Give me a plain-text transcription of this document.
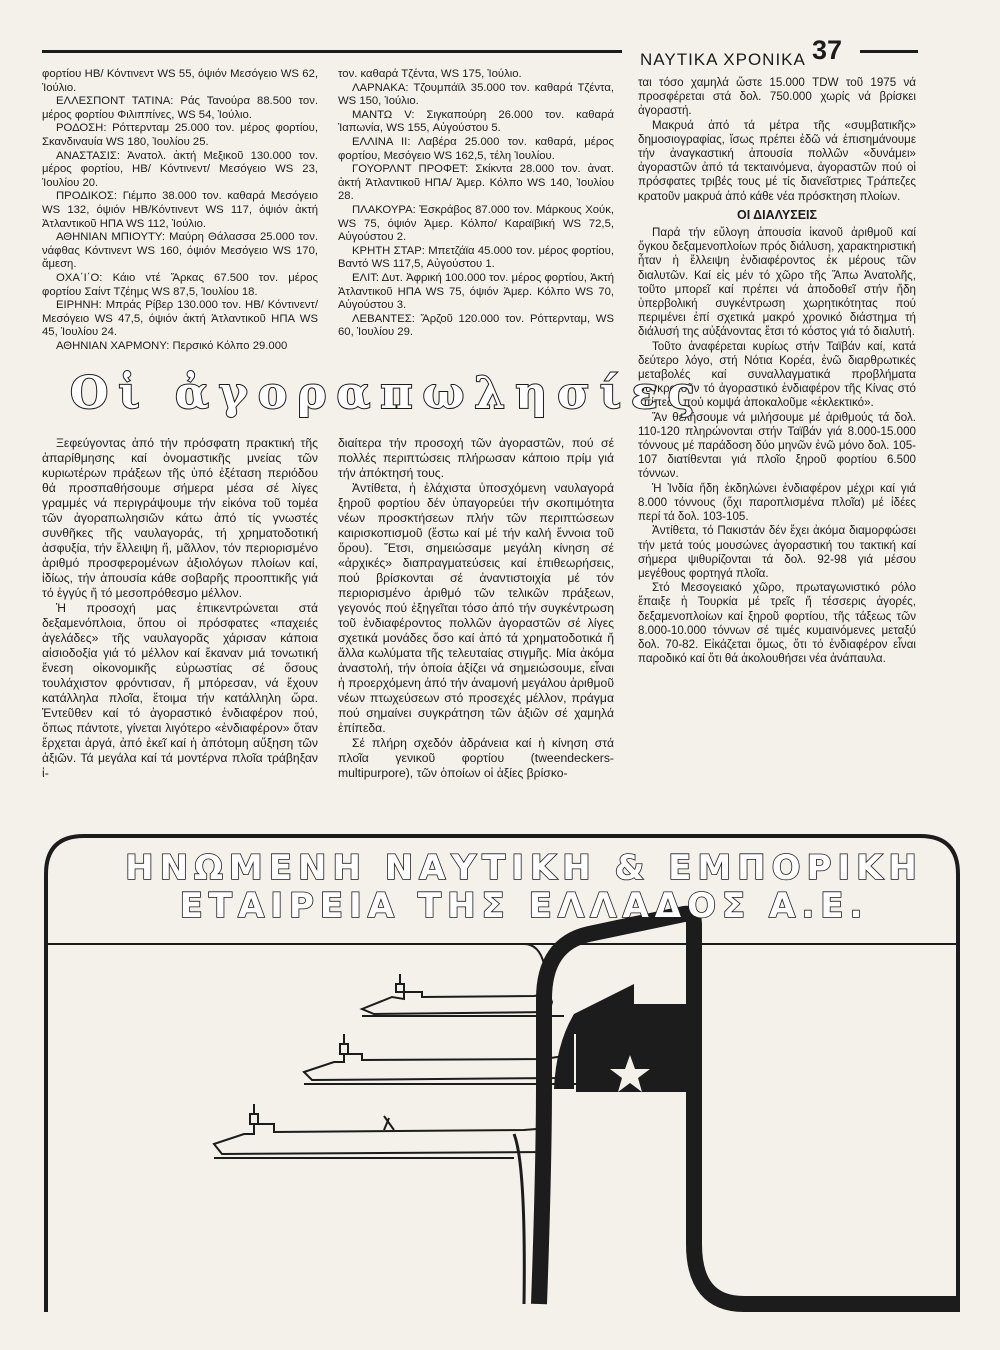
ΝΑΥΤΙΚΑ ΧΡΟΝΙΚΑ 37

φορτίου ΗΒ/ Κόντινεντ WS 55, όψιόν Μεσόγειο WS 62, Ἰούλιο.

ΕΛΛΕΣΠΟΝΤ ΤΑΤΙΝΑ: Ράς Τανούρα 88.500 τον. μέρος φορτίου Φιλιππίνες, WS 54, Ἰούλιο.

ΡΟΔΟΣΗ: Ρόττερνταμ 25.000 τον. μέρος φορτίου, Σκανδιναυία WS 180, Ἰουλίου 25.

ΑΝΑΣΤΑΣΙΣ: Ἀνατολ. ἀκτή Μεξικοῦ 130.000 τον. μέρος φορτίου, ΗΒ/ Κόντινεντ/ Μεσόγειο WS 23, Ἰουλίου 20.

ΠΡΟΔΙΚΟΣ: Γιέμπο 38.000 τον. καθαρά Μεσόγειο WS 132, όψιόν ΗΒ/Κόντινεντ WS 117, όψιόν ἀκτή Ἀτλαντικοῦ ΗΠΑ WS 112, Ἰούλιο.

ΑΘΗΝΙΑΝ ΜΠΙΟΥΤΥ: Μαύρη Θάλασσα 25.000 τον. νάφθας Κόντινεντ WS 160, όψιόν Μεσόγειο WS 170, ἄμεση.

ΟΧΑ΄Ι΄Ο: Κάιο ντέ Ἄρκας 67.500 τον. μέρος φορτίου Σαίντ Τζέημς WS 87,5, Ἰουλίου 18.

ΕΙΡΗΝΗ: Μπράς Ρίβερ 130.000 τον. ΗΒ/ Κόντινεντ/ Μεσόγειο WS 47,5, όψιόν ἀκτή Ἀτλαντικοῦ ΗΠΑ WS 45, Ἰουλίου 24.

ΑΘΗΝΙΑΝ ΧΑΡΜΟΝΥ: Περσικό Κόλπο 29.000

τον. καθαρά Τζέντα, WS 175, Ἰούλιο.

ΛΑΡΝΑΚΑ: Τζουμπάϊλ 35.000 τον. καθαρά Τζέντα, WS 150, Ἰούλιο.

ΜΑΝΤΩ V: Σιγκαπούρη 26.000 τον. καθαρά Ἰαπωνία, WS 155, Αὐγούστου 5.

ΕΛΛΙΝΑ ΙΙ: Λαβέρα 25.000 τον. καθαρά, μέρος φορτίου, Μεσόγειο WS 162,5, τέλη Ἰουλίου.

ΓΟΥΟΡΛΝΤ ΠΡΟΦΕΤ: Σκίκντα 28.000 τον. ἀνατ. ἀκτή Ἀτλαντικοῦ ΗΠΑ/ Ἀμερ. Κόλπο WS 140, Ἰουλίου 28.

ΠΛΑΚΟΥΡΑ: Ἐσκράβος 87.000 τον. Μάρκους Χούκ, WS 75, όψιόν Ἀμερ. Κόλπο/ Καραϊβική WS 72,5, Αὐγούστου 2.

ΚΡΗΤΗ ΣΤΑΡ: Μπετζάϊα 45.000 τον. μέρος φορτίου, Βαντό WS 117,5, Αὐγούστου 1.

ΕΛΙΤ: Δυτ. Ἀφρική 100.000 τον. μέρος φορτίου, Ἀκτή Ἀτλαντικοῦ ΗΠΑ WS 75, όψιόν Ἀμερ. Κόλπο WS 70, Αὐγούστου 3.

ΛΕΒΑΝΤΕΣ: Ἄρζοῦ 120.000 τον. Ρόττερνταμ, WS 60, Ἰουλίου 29.

ται τόσο χαμηλά ὥστε 15.000 TDW τοῦ 1975 νά προσφέρεται στά δολ. 750.000 χωρίς νά βρίσκει ἀγοραστή.

Μακρυά ἀπό τά μέτρα τῆς «συμβατικῆς» δημοσιογραφίας, ἴσως πρέπει ἐδῶ νά ἐπισημάνουμε τήν ἀναγκαστική ἀπουσία πολλῶν «δυνάμει» ἀγοραστῶν ἀπό τά τεκταινόμενα, ἀγοραστῶν πού οἱ πρόσφατες τριβές τους μέ τίς διανεῖστριες Τράπεζες κρατοῦν μακρυά ἀπό κάθε νέα πρόσκτηση πλοίων.

ΟΙ ΔΙΑΛΥΣΕΙΣ

Παρά τήν εὔλογη ἀπουσία ἱκανοῦ ἀριθμοῦ καί ὄγκου δεξαμενοπλοίων πρός διάλυση, χαρακτηριστική ἦταν ἡ ἔλλειψη ἐνδιαφέροντος ἐκ μέρους τῶν διαλυτῶν. Καί εἰς μέν τό χῶρο τῆς Ἄπω Ἀνατολῆς, τοῦτο μπορεῖ καί πρέπει νά ἀποδοθεῖ στήν ἤδη ὑπερβολική συγκέντρωση χωρητικότητας πού περιμένει ἐπί σχετικά μακρό χρονικό διάστημα τή διάλυσή της αὐξάνοντας ἔτσι τό κόστος γιά τό διαλυτή.

Τοῦτο ἀναφέρεται κυρίως στήν Ταϊβάν καί, κατά δεύτερο λόγο, στή Νότια Κορέα, ἐνῶ διαρθρωτικές μεταβολές καί συναλλαγματικά προβλήματα συγκρατοῦν τό ἀγοραστικό ἐνδιαφέρον τῆς Κίνας στό ἐπίπεδο πού κομψά ἀποκαλοῦμε «ἐκλεκτικό».

Ἄν θελήσουμε νά μιλήσουμε μέ ἀριθμούς τά δολ. 110-120 πληρώνονται στήν Ταϊβάν γιά 8.000-15.000 τόννους μέ παράδοση δύο μηνῶν ἐνῶ μόνο δολ. 105-107 διατίθενται γιά πλοῖο ξηροῦ φορτίου 6.500 τόννων.

Ἡ Ἰνδία ἤδη ἐκδηλώνει ἐνδιαφέρον μέχρι καί γιά 8.000 τόννους (ὄχι παροπλισμένα πλοῖα) μέ ἰδέες περί τά δολ. 103-105.

Ἀντίθετα, τό Πακιστάν δέν ἔχει ἀκόμα διαμορφώσει τήν μετά τούς μουσώνες ἀγοραστική του τακτική καί σήμερα ψιθυρίζονται τά δολ. 92-98 γιά μέσου μεγέθους φορτηγά πλοῖα.

Στό Μεσογειακό χῶρο, πρωταγωνιστικό ρόλο ἔπαιξε ἡ Τουρκία μέ τρεῖς ἤ τέσσερις ἀγορές, δεξαμενοπλοίων καί ξηροῦ φορτίου, τῆς τάξεως τῶν 8.000-10.000 τόννων σέ τιμές κυμαινόμενες μεταξύ δολ. 70-82. Εἰκάζεται ὅμως, ὅτι τό ἐνδιαφέρον εἶναι παροδικό καί ὅτι θά ἀκολουθήσει νέα ἀνάπαυλα.

Οἱ ἀγοραπωλησίες

Ξεφεύγοντας ἀπό τήν πρόσφατη πρακτική τῆς ἀπαρίθμησης καί ὀνομαστικῆς μνείας τῶν κυριωτέρων πράξεων τῆς ὑπό ἐξέταση περιόδου θά προσπαθήσουμε σήμερα μέσα σέ λίγες γραμμές νά περιγράψουμε τήν εἰκόνα τοῦ τομέα τῶν ἀγοραπωλησιῶν κάτω ἀπό τίς γνωστές συνθῆκες τῆς ναυλαγοράς, τή χρηματοδοτική ἀσφυξία, τήν ἔλλειψη ἤ, μᾶλλον, τόν περιορισμένο ἀριθμό προσφερομένων ἀξιολόγων πλοίων καί, ἰδίως, τήν ἀπουσία κάθε σοβαρῆς προοπτικῆς γιά τό ἐγγύς ἤ τό μεσοπρόθεσμο μέλλον.

Ἡ προσοχή μας ἐπικεντρώνεται στά δεξαμενόπλοια, ὅπου οἱ πρόσφατες «παχειές ἀγελάδες» τῆς ναυλαγορᾶς χάρισαν κάποια αἰσιοδοξία γιά τό μέλλον καί ἔκαναν μιά τονωτική ἔνεση οἰκονομικῆς εὐρωστίας σέ ὅσους τουλάχιστον φρόντισαν, ἤ μπόρεσαν, νά ἔχουν κατάλληλα πλοῖα, ἕτοιμα τήν κατάλληλη ὥρα. Ἐντεῦθεν καί τό ἀγοραστικό ἐνδιαφέρον πού, ὅπως πάντοτε, γίνεται λιγότερο «ἐνδιαφέρον» ὅταν ἔρχεται ἀργά, ἀπό ἐκεῖ καί ἡ ἀπότομη αὔξηση τῶν ἀξιῶν. Τά μεγάλα καί τά μοντέρνα πλοῖα τράβηξαν ἰ-

διαίτερα τήν προσοχή τῶν ἀγοραστῶν, πού σέ πολλές περιπτώσεις πλήρωσαν κάποιο πρίμ γιά τήν ἀπόκτησή τους.

Ἀντίθετα, ἡ ἐλάχιστα ὑποσχόμενη ναυλαγορά ξηροῦ φορτίου δέν ὑπαγορεύει τήν σκοπιμότητα νέων προσκτήσεων πλήν τῶν περιπτώσεων καιρισκοπισμοῦ (ἔστω καί μέ τήν καλή ἔννοια τοῦ ὅρου). Ἔτσι, σημειώσαμε μεγάλη κίνηση σέ «ἀρχικές» διαπραγματεύσεις καί ἐπιθεωρήσεις, πού βρίσκονται σέ ἀναντιστοιχία μέ τόν περιορισμένο ἀριθμό τῶν τελικῶν πράξεων, γεγονός πού ἐξηγεῖται τόσο ἀπό τήν συγκέντρωση τοῦ ἐνδιαφέροντος πολλῶν ἀγοραστῶν σέ λίγες σχετικά μονάδες ὅσο καί ἀπό τά χρηματοδοτικά ἤ ἄλλα κωλύματα τῆς τελευταίας στιγμῆς. Μία ἀκόμα ἀναστολή, τήν ὁποία ἀξίζει νά σημειώσουμε, εἶναι ἡ προερχόμενη ἀπό τήν ἀναμονή μεγάλου ἀριθμοῦ νέων πτωχεύσεων στό προσεχές μέλλον, πράγμα πού σημαίνει συγκράτηση τῶν ἀξιῶν σέ χαμηλά ἐπίπεδα.

Σέ πλήρη σχεδόν ἀδράνεια καί ἡ κίνηση στά πλοῖα γενικοῦ φορτίου (tweendeckers-multipurpore), τῶν ὁποίων οἱ ἀξίες βρίσκο-

ΗΝΩΜΕΝΗ ΝΑΥΤΙΚΗ & ΕΜΠΟΡΙΚΗ
ΕΤΑΙΡΕΙΑ ΤΗΣ ΕΛΛΑΔΟΣ Α.Ε.
